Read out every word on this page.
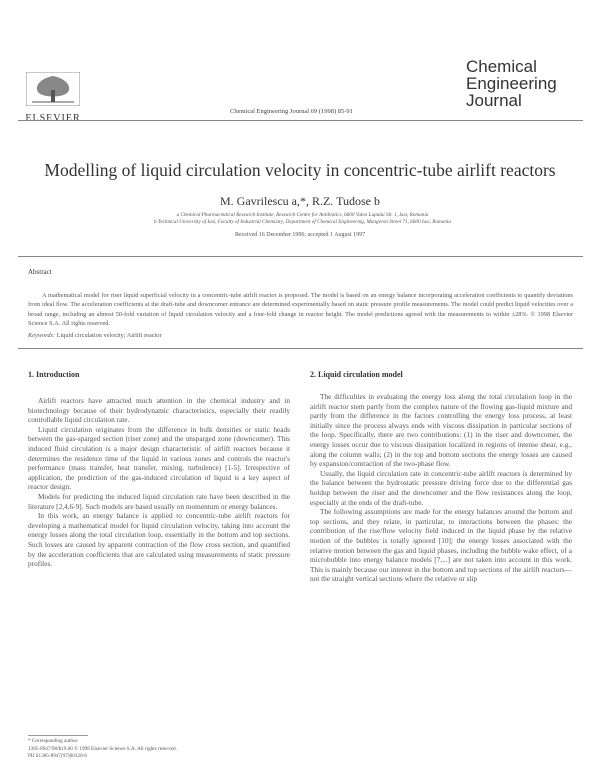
ELSEVIER
Chemical Engineering Journal 69 (1998) 85-91
Chemical
Engineering
Journal
Modelling of liquid circulation velocity in concentric-tube airlift reactors
M. Gavrilescu a,*, R.Z. Tudose b
a Chemical Pharmaceutical Research Institute, Research Centre for Antibiotics, 6600 Valea Lupului Str. 1, Iasi, Romania
b Technical University of Iasi, Faculty of Industrial Chemistry, Department of Chemical Engineering, Mangeron Street 71, 6600 Iasi, Romania
Received 16 December 1996; accepted 1 August 1997
Abstract
A mathematical model for riser liquid superficial velocity in a concentric-tube airlift reactor is proposed. The model is based on an energy balance incorporating acceleration coefficients to quantify deviations from ideal flow. The acceleration coefficients at the draft-tube and downcomer entrance are determined experimentally based on static pressure profile measurements. The model could predict liquid velocities over a broad range, including an almost 50-fold variation of liquid circulation velocity and a four-fold change in reactor height. The model predictions agreed with the measurements to within ±28%. © 1998 Elsevier Science S.A. All rights reserved.
Keywords: Liquid circulation velocity; Airlift reactor
1. Introduction	2. Liquid circulation model

Airlift reactors have attracted much attention in the chemical industry and in biotechnology because of their hydrodynamic characteristics, especially their readily controllable liquid circulation rate.

Liquid circulation originates from the difference in bulk densities or static heads between the gas-sparged section (riser zone) and the unsparged zone (downcomer). This induced fluid circulation is a major design characteristic of airlift reactors because it determines the residence time of the liquid in various zones and controls the reactor's performance (mass transfer, heat transfer, mixing, turbulence) [1-5]. Irrespective of application, the prediction of the gas-induced circulation of liquid is a key aspect of reactor design.

Models for predicting the induced liquid circulation rate have been described in the literature [2,4,6-9]. Such models are based usually on momentum or energy balances.

In this work, an energy balance is applied to concentric-tube airlift reactors for developing a mathematical model for liquid circulation velocity, taking into account the energy losses along the total circulation loop, essentially in the bottom and top sections. Such losses are caused by apparent contraction of the flow cross section, and quantified by the acceleration coefficients that are calculated using measurements of static pressure profiles.

The difficulties in evaluating the energy loss along the total circulation loop in the airlift reactor stem partly from the complex nature of the flowing gas-liquid mixture and partly from the difference in the factors controlling the energy loss process, at least initially since the process always ends with viscous dissipation in particular sections of the loop. Specifically, there are two contributions: (1) in the riser and downcomer, the energy losses occur due to viscous dissipation localized in regions of intense shear, e.g., along the column walls; (2) in the top and bottom sections the energy losses are caused by expansion/contraction of the two-phase flow.

Usually, the liquid circulation rate in concentric-tube airlift reactors is determined by the balance between the hydrostatic pressure driving force due to the differential gas holdup between the riser and the downcomer and the flow resistances along the loop, especially at the ends of the draft-tube.

The following assumptions are made for the energy balances around the bottom and top sections, and they relate, in particular, to interactions between the phases: the contribution of the rise/flow velocity field induced in the liquid phase by the relative motion of the bubbles is totally ignored [10]; the energy losses associated with the relative motion between the gas and liquid phases, including the bubble wake effect, of a microbubble into energy balance models [7,...] are not taken into account in this work. This is mainly because our interest in the bottom and top sections of the airlift reactors—not the straight vertical sections where the relative or slip

* Corresponding author.
1385-8947/98/$19.00 © 1998 Elsevier Science S.A. All rights reserved.
PII S1385-8947(97)00120-6
